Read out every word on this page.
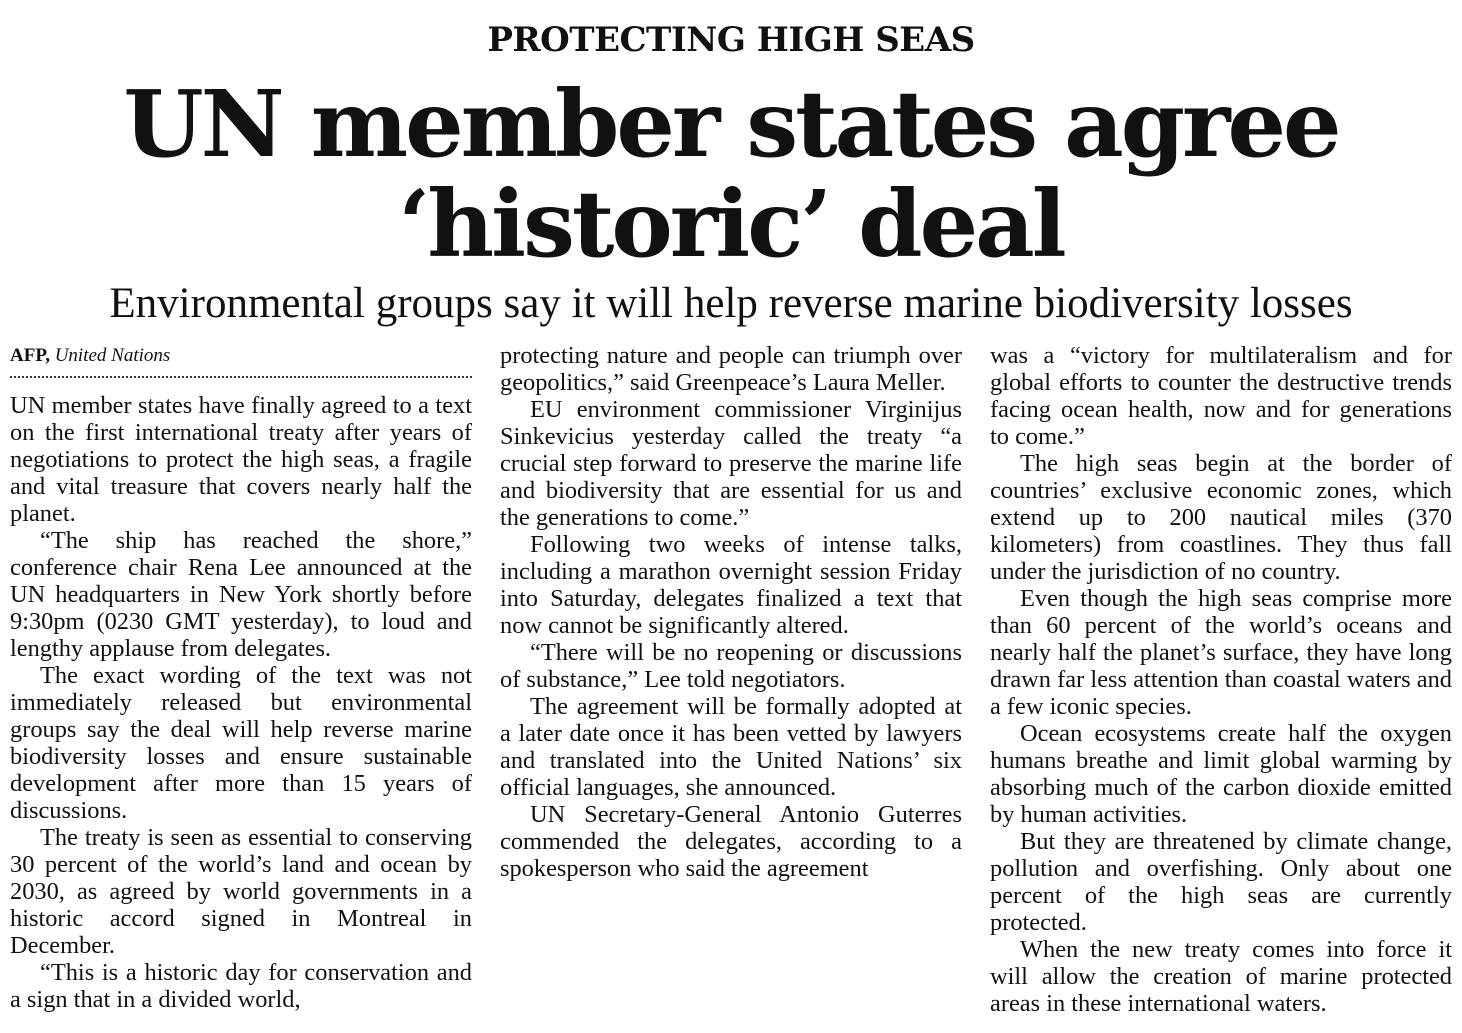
PROTECTING HIGH SEAS
UN member states agree
‘historic’ deal
Environmental groups say it will help reverse marine biodiversity losses
AFP, United Nations

UN member states have finally agreed to a text on the first international treaty after years of negotiations to protect the high seas, a fragile and vital treasure that covers nearly half the planet.

“The ship has reached the shore,” conference chair Rena Lee announced at the UN headquarters in New York shortly before 9:30pm (0230 GMT yesterday), to loud and lengthy applause from delegates.

The exact wording of the text was not immediately released but environmental groups say the deal will help reverse marine biodiversity losses and ensure sustainable development after more than 15 years of discussions.

The treaty is seen as essential to conserving 30 percent of the world’s land and ocean by 2030, as agreed by world governments in a historic accord signed in Montreal in December.

“This is a historic day for conservation and a sign that in a divided world,

protecting nature and people can triumph over geopolitics,” said Greenpeace’s Laura Meller.

EU environment commissioner Virginijus Sinkevicius yesterday called the treaty “a crucial step forward to preserve the marine life and biodiversity that are essential for us and the generations to come.”

Following two weeks of intense talks, including a marathon overnight session Friday into Saturday, delegates finalized a text that now cannot be significantly altered.

“There will be no reopening or discussions of substance,” Lee told negotiators.

The agreement will be formally adopted at a later date once it has been vetted by lawyers and translated into the United Nations’ six official languages, she announced.

UN Secretary-General Antonio Guterres commended the delegates, according to a spokesperson who said the agreement

was a “victory for multilateralism and for global efforts to counter the destructive trends facing ocean health, now and for generations to come.”

The high seas begin at the border of countries’ exclusive economic zones, which extend up to 200 nautical miles (370 kilometers) from coastlines. They thus fall under the jurisdiction of no country.

Even though the high seas comprise more than 60 percent of the world’s oceans and nearly half the planet’s surface, they have long drawn far less attention than coastal waters and a few iconic species.

Ocean ecosystems create half the oxygen humans breathe and limit global warming by absorbing much of the carbon dioxide emitted by human activities.

But they are threatened by climate change, pollution and overfishing. Only about one percent of the high seas are currently protected.

When the new treaty comes into force it will allow the creation of marine protected areas in these international waters.
